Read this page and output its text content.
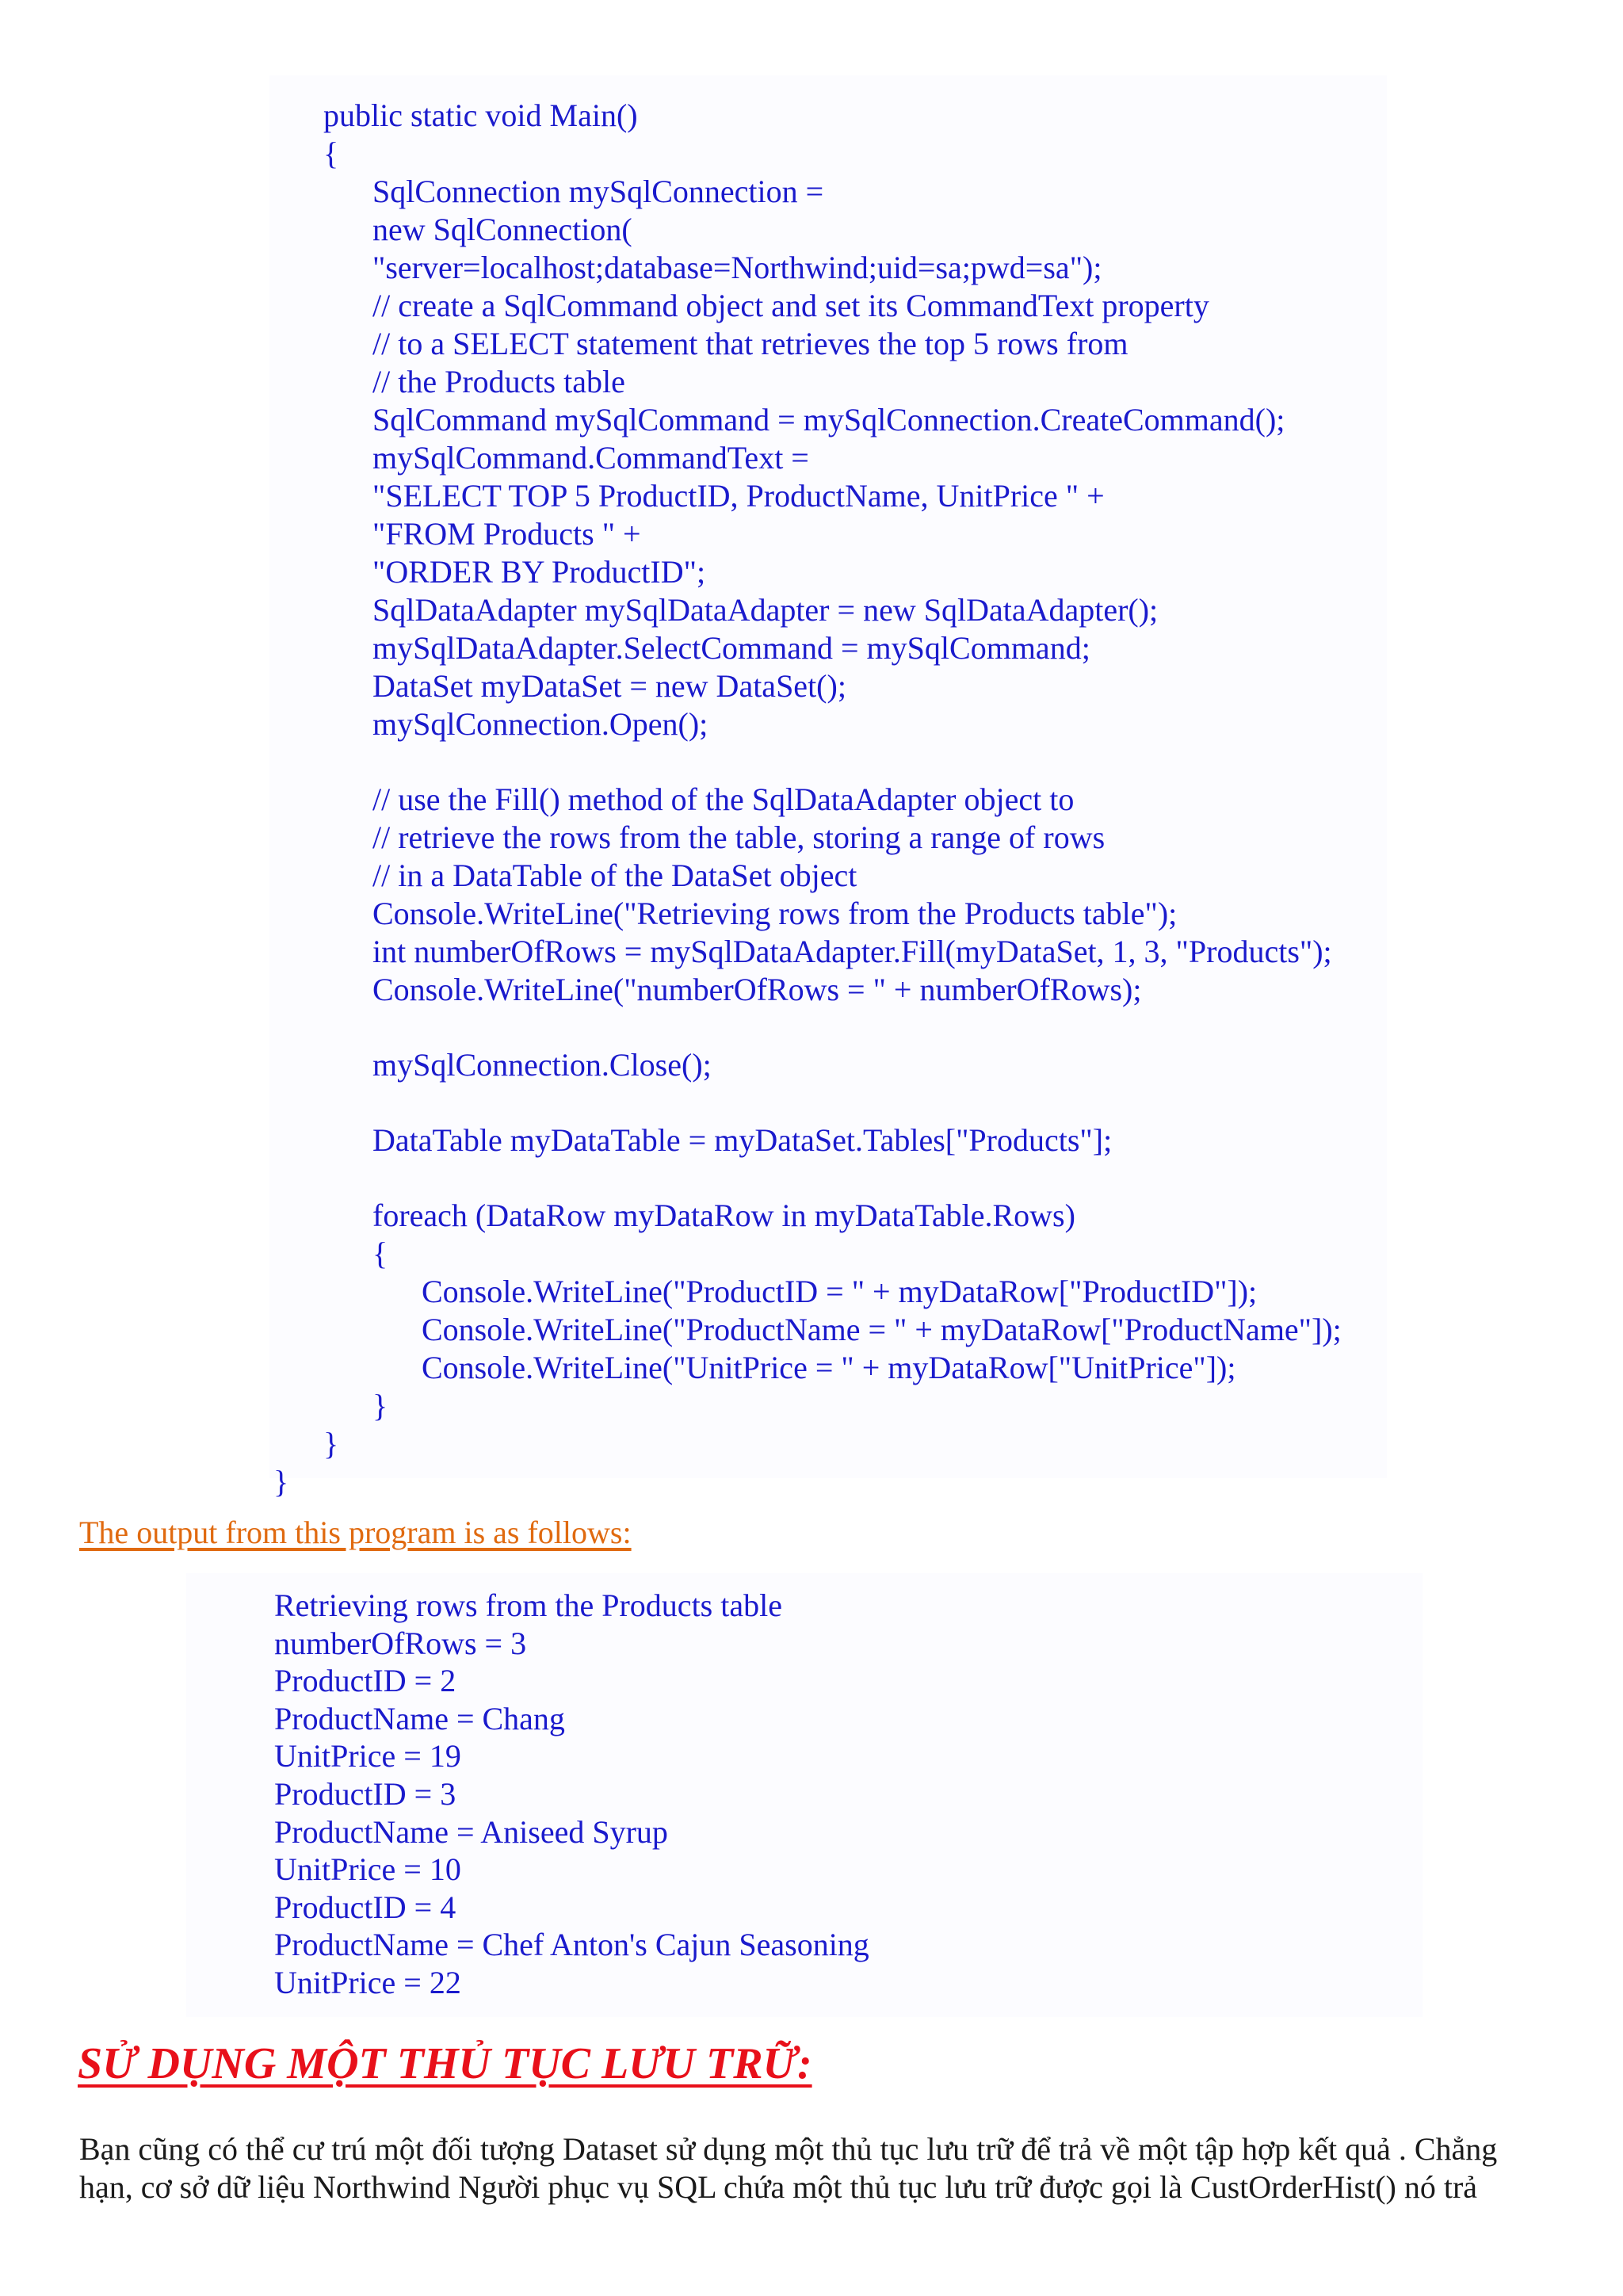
public static void Main()
{
SqlConnection mySqlConnection =
new SqlConnection(
"server=localhost;database=Northwind;uid=sa;pwd=sa");
// create a SqlCommand object and set its CommandText property
// to a SELECT statement that retrieves the top 5 rows from
// the Products table
SqlCommand mySqlCommand = mySqlConnection.CreateCommand();
mySqlCommand.CommandText =
"SELECT TOP 5 ProductID, ProductName, UnitPrice " +
"FROM Products " +
"ORDER BY ProductID";
SqlDataAdapter mySqlDataAdapter = new SqlDataAdapter();
mySqlDataAdapter.SelectCommand = mySqlCommand;
DataSet myDataSet = new DataSet();
mySqlConnection.Open();
// use the Fill() method of the SqlDataAdapter object to
// retrieve the rows from the table, storing a range of rows
// in a DataTable of the DataSet object
Console.WriteLine("Retrieving rows from the Products table");
int numberOfRows = mySqlDataAdapter.Fill(myDataSet, 1, 3, "Products");
Console.WriteLine("numberOfRows = " + numberOfRows);
mySqlConnection.Close();
DataTable myDataTable = myDataSet.Tables["Products"];
foreach (DataRow myDataRow in myDataTable.Rows)
{
Console.WriteLine("ProductID = " + myDataRow["ProductID"]);
Console.WriteLine("ProductName = " + myDataRow["ProductName"]);
Console.WriteLine("UnitPrice = " + myDataRow["UnitPrice"]);
}
}
}
The output from this program is as follows:
Retrieving rows from the Products table
numberOfRows = 3
ProductID = 2
ProductName = Chang
UnitPrice = 19
ProductID = 3
ProductName = Aniseed Syrup
UnitPrice = 10
ProductID = 4
ProductName = Chef Anton's Cajun Seasoning
UnitPrice = 22
SỬ DỤNG MỘT THỦ TỤC LƯU TRỮ:
Bạn cũng có thể cư trú một đối tượng Dataset sử dụng một thủ tục lưu trữ để trả về một tập hợp kết quả . Chẳng
hạn, cơ sở dữ liệu Northwind Người phục vụ SQL chứa một thủ tục lưu trữ được gọi là CustOrderHist() nó trả
